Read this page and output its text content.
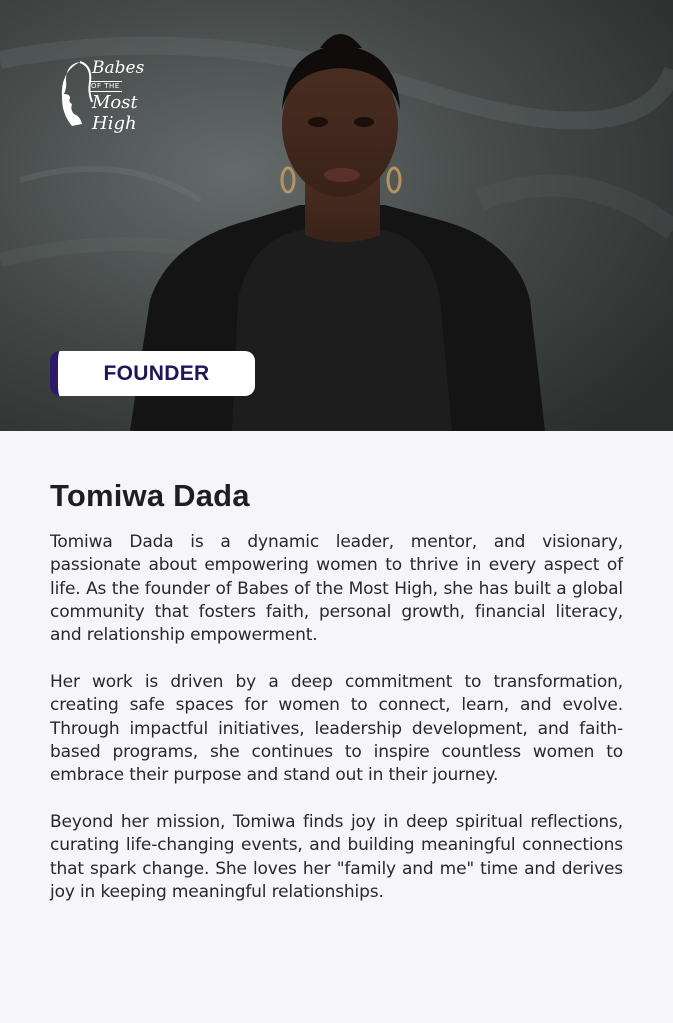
Babes
OF THE
Most High
FOUNDER
Tomiwa Dada

Tomiwa Dada is a dynamic leader, mentor, and visionary, passionate about empowering women to thrive in every aspect of life. As the founder of Babes of the Most High, she has built a global community that fosters faith, personal growth, financial literacy, and relationship empowerment.

Her work is driven by a deep commitment to transformation, creating safe spaces for women to connect, learn, and evolve. Through impactful initiatives, leadership development, and faith-based programs, she continues to inspire countless women to embrace their purpose and stand out in their journey.

Beyond her mission, Tomiwa finds joy in deep spiritual reflections, curating life-changing events, and building meaningful connections that spark change. She loves her "family and me" time and derives joy in keeping meaningful relationships.
